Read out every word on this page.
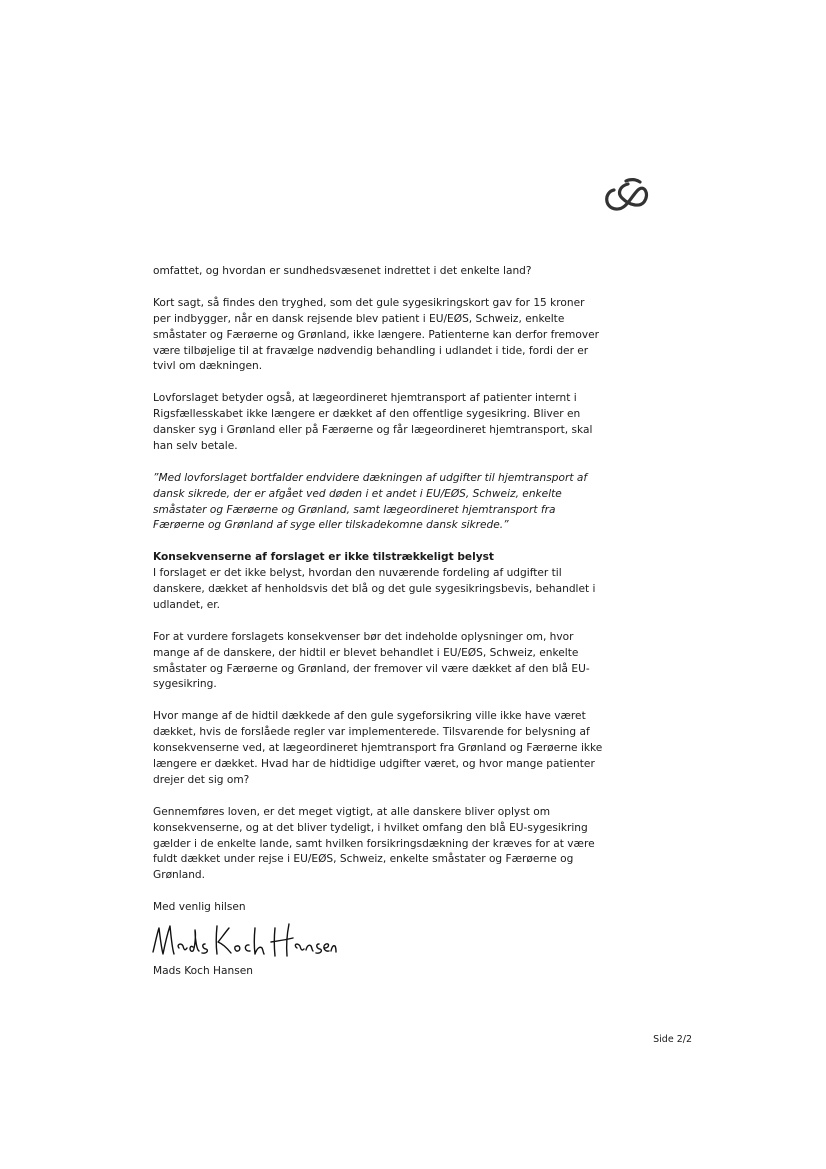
omfattet, og hvordan er sundhedsvæsenet indrettet i det enkelte land?

Kort sagt, så findes den tryghed, som det gule sygesikringskort gav for 15 kroner per indbygger, når en dansk rejsende blev patient i EU/EØS, Schweiz, enkelte småstater og Færøerne og Grønland, ikke længere. Patienterne kan derfor fremover være tilbøjelige til at fravælge nødvendig behandling i udlandet i tide, fordi der er tvivl om dækningen.

Lovforslaget betyder også, at lægeordineret hjemtransport af patienter internt i Rigsfællesskabet ikke længere er dækket af den offentlige sygesikring. Bliver en dansker syg i Grønland eller på Færøerne og får lægeordineret hjemtransport, skal han selv betale.

”Med lovforslaget bortfalder endvidere dækningen af udgifter til hjemtransport af dansk sikrede, der er afgået ved døden i et andet i EU/EØS, Schweiz, enkelte småstater og Færøerne og Grønland, samt lægeordineret hjemtransport fra Færøerne og Grønland af syge eller tilskadekomne dansk sikrede.”

Konsekvenserne af forslaget er ikke tilstrækkeligt belyst

I forslaget er det ikke belyst, hvordan den nuværende fordeling af udgifter til danskere, dækket af henholdsvis det blå og det gule sygesikringsbevis, behandlet i udlandet, er.

For at vurdere forslagets konsekvenser bør det indeholde oplysninger om, hvor mange af de danskere, der hidtil er blevet behandlet i EU/EØS, Schweiz, enkelte småstater og Færøerne og Grønland, der fremover vil være dækket af den blå EU-sygesikring.

Hvor mange af de hidtil dækkede af den gule sygeforsikring ville ikke have været dækket, hvis de forslåede regler var implementerede. Tilsvarende for belysning af konsekvenserne ved, at lægeordineret hjemtransport fra Grønland og Færøerne ikke længere er dækket. Hvad har de hidtidige udgifter været, og hvor mange patienter drejer det sig om?

Gennemføres loven, er det meget vigtigt, at alle danskere bliver oplyst om konsekvenserne, og at det bliver tydeligt, i hvilket omfang den blå EU-sygesikring gælder i de enkelte lande, samt hvilken forsikringsdækning der kræves for at være fuldt dækket under rejse i EU/EØS, Schweiz, enkelte småstater og Færøerne og Grønland.

Med venlig hilsen
Mads Koch Hansen
Side 2/2
